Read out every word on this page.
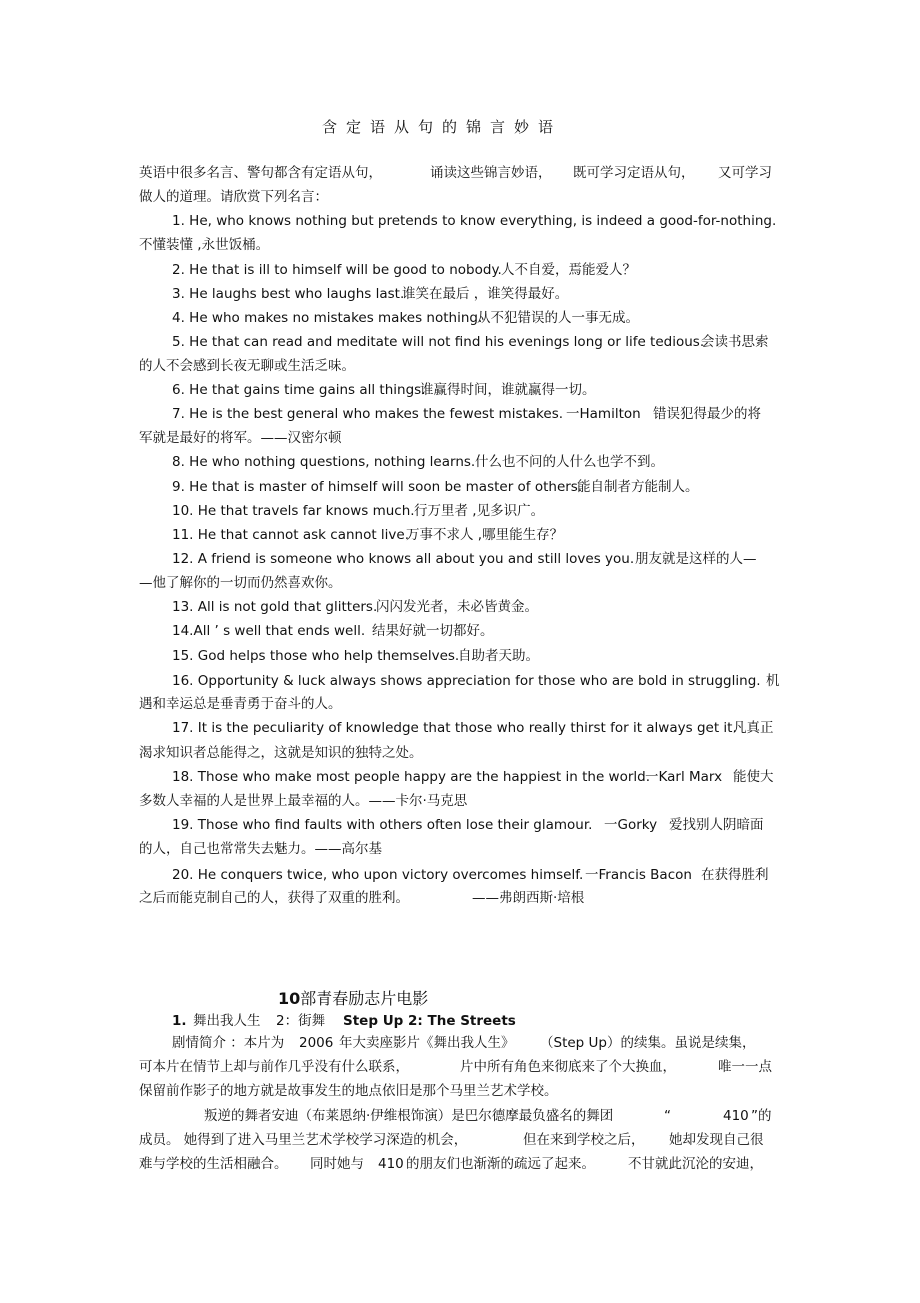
含定语从句的锦言妙语
英语中很多名言、警句都含有定语从句，	诵读这些锦言妙语， 既可学习定语从句， 又可学习
做人的道理。请欣赏下列名言：
1. He, who knows nothing but pretends to know everything, is indeed a good-for-nothing.
不懂装懂 ,永世饭桶。
2. He that is ill to himself will be good to nobody. 人不自爱，焉能爱人？
3. He laughs best who laughs last.
谁笑在最后 ，谁笑得最好。
4. He who makes no mistakes makes nothing.
从不犯错误的人一事无成。
5. He that can read and meditate will not find his evenings long or life tedious.
会读书思索
的人不会感到长夜无聊或生活乏味。
6. He that gains time gains all things.
谁赢得时间，谁就赢得一切。
7. He is the best general who makes the fewest mistakes. 一Hamilton 错误犯得最少的将
军就是最好的将军。——汉密尔顿
8. He who nothing questions, nothing learns. 什么也不问的人什么也学不到。
9. He that is master of himself will soon be master of others.
能自制者方能制人。
10. He that travels far knows much. 行万里者 ,见多识广。
11. He that cannot ask cannot live.
万事不求人 ,哪里能生存？
12. A friend is someone who knows all about you and still loves you. 朋友就是这样的人—
—他了解你的一切而仍然喜欢你。
13. All is not gold that glitters.
闪闪发光者，未必皆黄金。
14.All ’ s well that ends well. 结果好就一切都好。
15. God helps those who help themselves.
自助者天助。
16. Opportunity & luck always shows appreciation for those who are bold in struggling. 机
遇和幸运总是垂青勇于奋斗的人。
17. It is the peculiarity of knowledge that those who really thirst for it always get it.
凡真正
渴求知识者总能得之，这就是知识的独特之处。
18. Those who make most people happy are the happiest in the world.
一Karl Marx 能使大
多数人幸福的人是世界上最幸福的人。——卡尔·马克思
19. Those who find faults with others often lose their glamour. 一Gorky 爱找别人阴暗面
的人，自己也常常失去魅力。——高尔基
20. He conquers twice, who upon victory overcomes himself. 一Francis Bacon 在获得胜利
之后而能克制自己的人，获得了双重的胜利。	——弗朗西斯·培根
10部青春励志片电影
1. 舞出我人生 2：街舞 Step Up 2: The Streets
剧情简介 ：本片为 2006 年大卖座影片《舞出我人生》 （Step Up）的续集。虽说是续集，
可本片在情节上却与前作几乎没有什么联系，	片中所有角色来彻底来了个大换血，	唯一一点
保留前作影子的地方就是故事发生的地点依旧是那个马里兰艺术学校。
叛逆的舞者安迪（布莱恩纳·伊维根饰演）是巴尔德摩最负盛名的舞团	“	410 ”的
成员。 她得到了进入马里兰艺术学校学习深造的机会，	但在来到学校之后， 她却发现自己很
难与学校的生活相融合。 同时她与 410 的朋友们也渐渐的疏远了起来。 不甘就此沉沦的安迪，
